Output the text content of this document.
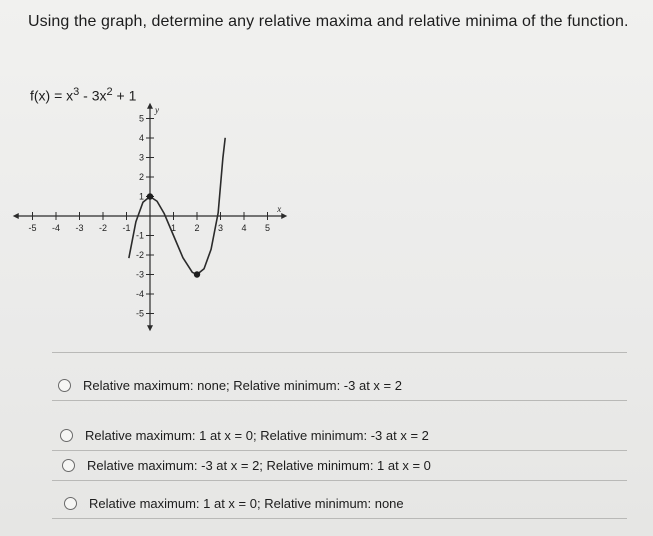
Using the graph, determine any relative maxima and relative minima of the function.
$f(x) = x^3 - 3x^2 + 1$
-5 -4 -3 -2 -1	1 2 3 4 5
-5
-4
-3
-2
-1
1
2
3
4
5
x
y
Relative maximum: none; Relative minimum: -3 at x = 2
Relative maximum: 1 at x = 0; Relative minimum: -3 at x = 2
Relative maximum: -3 at x = 2; Relative minimum: 1 at x = 0
Relative maximum: 1 at x = 0; Relative minimum: none
